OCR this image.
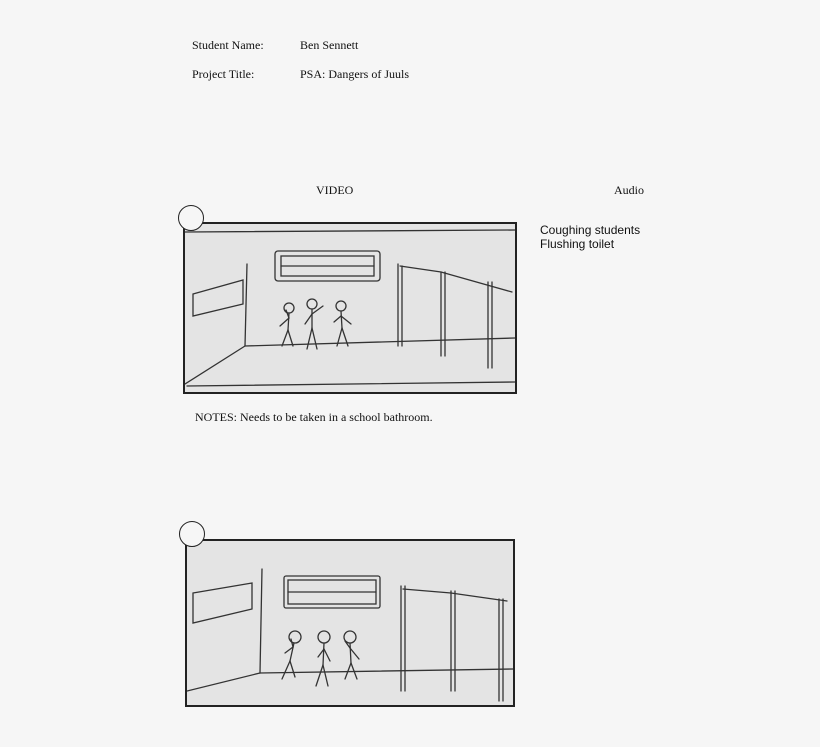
Student Name:	Ben Sennett
Project Title:	PSA: Dangers of Juuls
VIDEO	Audio
Coughing students
Flushing toilet
NOTES: Needs to be taken in a school bathroom.
